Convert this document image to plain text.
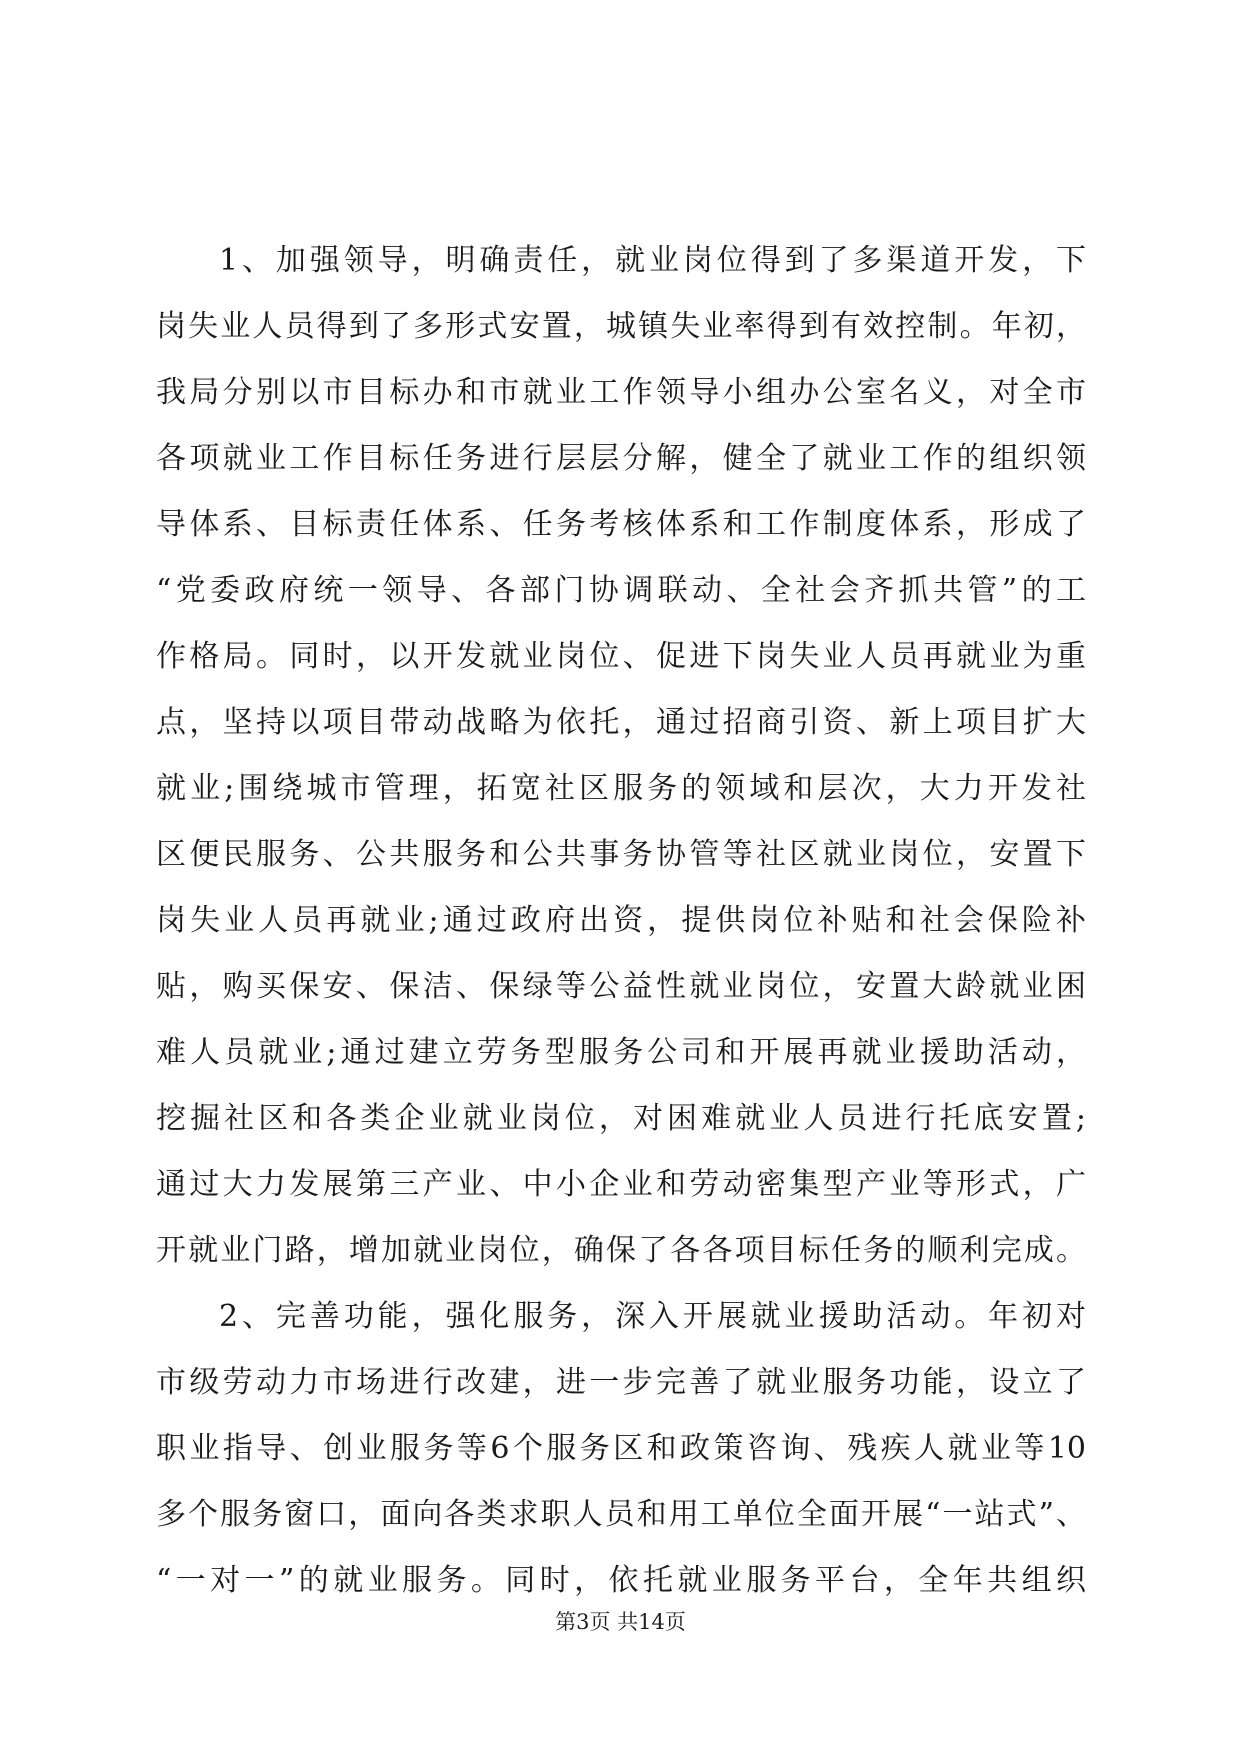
1、加强领导，明确责任，就业岗位得到了多渠道开发，下
岗失业人员得到了多形式安置，城镇失业率得到有效控制。年初，
我局分别以市目标办和市就业工作领导小组办公室名义，对全市
各项就业工作目标任务进行层层分解，健全了就业工作的组织领
导体系、目标责任体系、任务考核体系和工作制度体系，形成了
“党委政府统一领导、各部门协调联动、全社会齐抓共管”的工
作格局。同时，以开发就业岗位、促进下岗失业人员再就业为重
点，坚持以项目带动战略为依托，通过招商引资、新上项目扩大
就业;围绕城市管理，拓宽社区服务的领域和层次，大力开发社
区便民服务、公共服务和公共事务协管等社区就业岗位，安置下
岗失业人员再就业;通过政府出资，提供岗位补贴和社会保险补
贴，购买保安、保洁、保绿等公益性就业岗位，安置大龄就业困
难人员就业;通过建立劳务型服务公司和开展再就业援助活动，
挖掘社区和各类企业就业岗位，对困难就业人员进行托底安置;
通过大力发展第三产业、中小企业和劳动密集型产业等形式，广
开就业门路，增加就业岗位，确保了各各项目标任务的顺利完成。
2、完善功能，强化服务，深入开展就业援助活动。年初对
市级劳动力市场进行改建，进一步完善了就业服务功能，设立了
职业指导、创业服务等6个服务区和政策咨询、残疾人就业等10
多个服务窗口，面向各类求职人员和用工单位全面开展“一站式”、
“一对一”的就业服务。同时，依托就业服务平台，全年共组织
第3页 共14页
